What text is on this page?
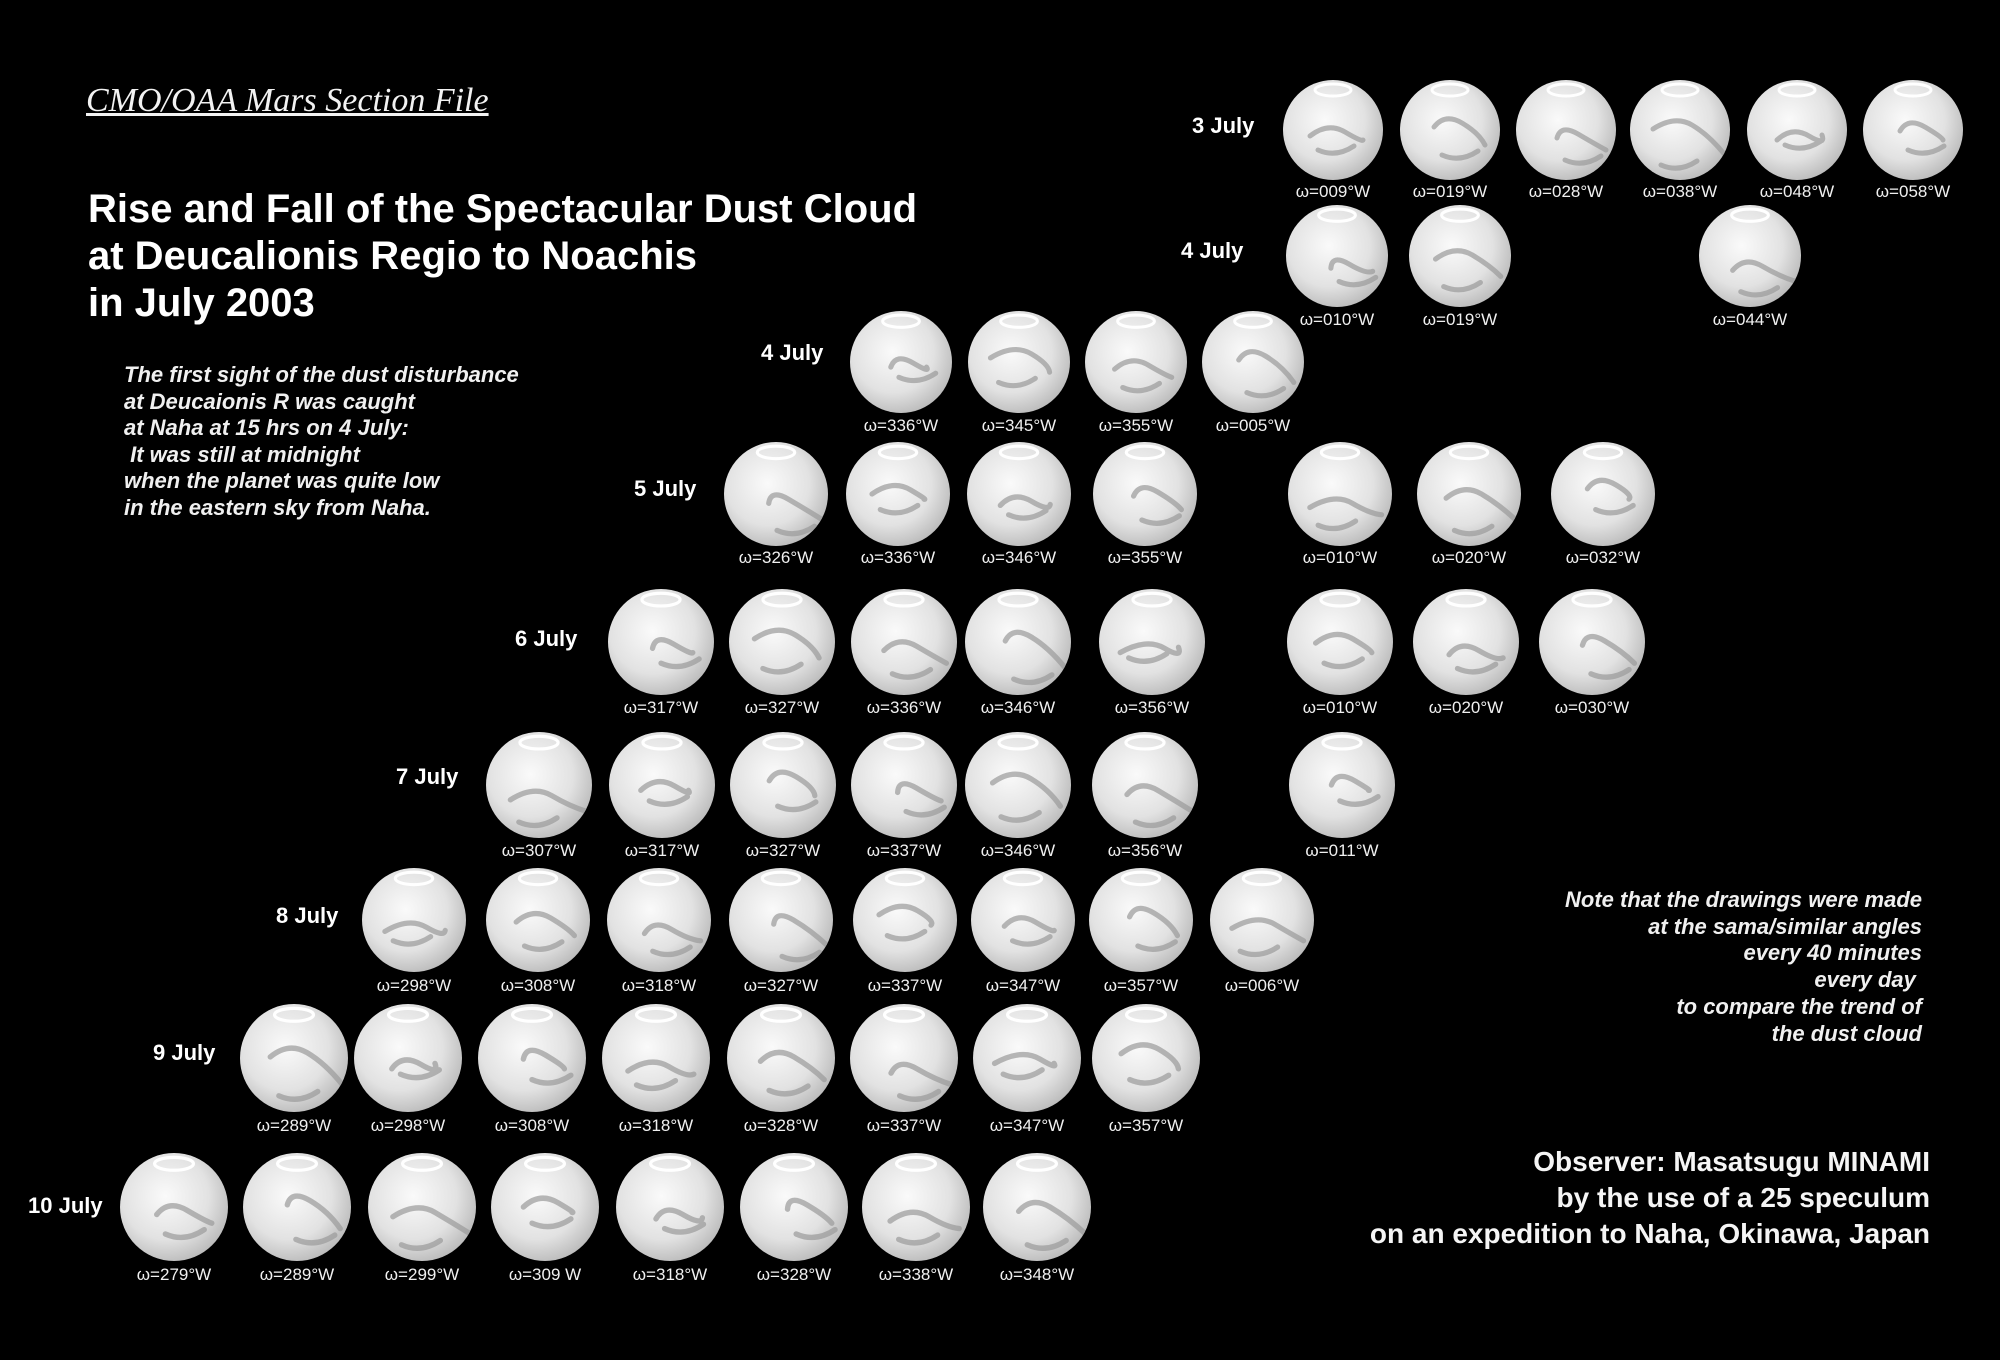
CMO/OAA Mars Section File
Rise and Fall of the Spectacular Dust Cloud
at Deucalionis Regio to Noachis
in July 2003
The first sight of the dust disturbance
at Deucaionis R was caught
at Naha at 15 hrs on 4 July:
It was still at midnight
when the planet was quite low
in the eastern sky from Naha.
Note that the drawings were made
at the sama/similar angles
every 40 minutes
every day
to compare the trend of
the dust cloud
Observer: Masatsugu MINAMI
by the use of a 25 speculum
on an expedition to Naha, Okinawa, Japan
3 July
ω=009°W	ω=019°W ω=028°W ω=038°W	ω=048°W ω=058°W
4 July
ω=010°W	ω=019°W	ω=044°W
4 July
ω=336°W	ω=345°W	ω=355°W	ω=005°W
5 July
ω=326°W	ω=336°W	ω=346°W	ω=355°W	ω=010°W	ω=020°W	ω=032°W
6 July
ω=317°W	ω=327°W	ω=336°W ω=346°W	ω=356°W	ω=010°W	ω=020°W	ω=030°W
7 July
ω=307°W	ω=317°W	ω=327°W	ω=337°W ω=346°W	ω=356°W	ω=011°W
8 July
ω=298°W	ω=308°W	ω=318°W	ω=327°W	ω=337°W	ω=347°W	ω=357°W	ω=006°W
9 July
ω=289°W ω=298°W	ω=308°W	ω=318°W	ω=328°W	ω=337°W	ω=347°W	ω=357°W
10 July
ω=279°W	ω=289°W	ω=299°W	ω=309 W	ω=318°W	ω=328°W	ω=338°W	ω=348°W
